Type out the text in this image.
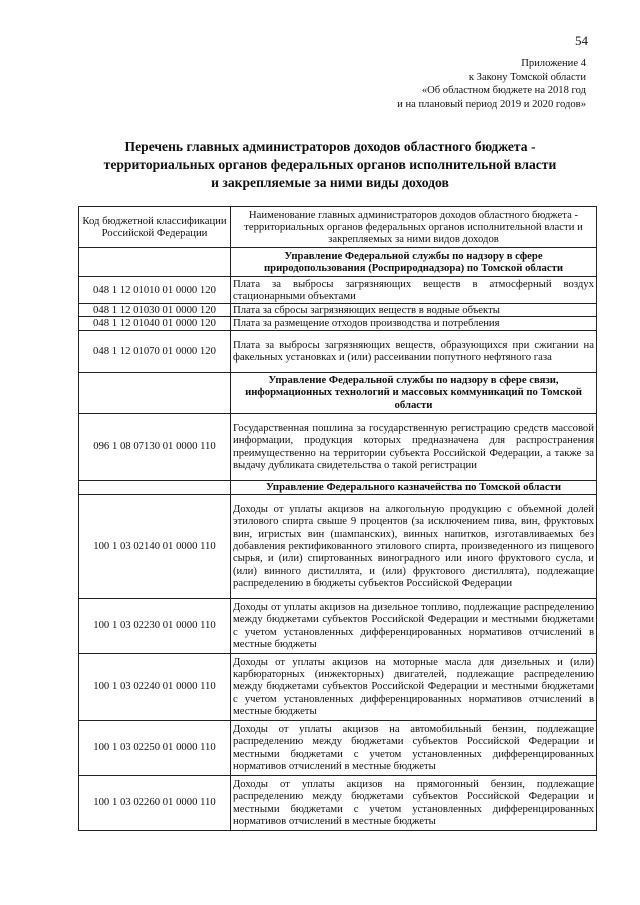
54
Приложение 4
к Закону Томской области
«Об областном бюджете на 2018 год
и на плановый период 2019 и 2020 годов»
Перечень главных администраторов доходов областного бюджета -
территориальных органов федеральных органов исполнительной власти
и закрепляемые за ними виды доходов
Код бюджетной классификации Российской Федерации	Наименование главных администраторов доходов областного бюджета - территориальных органов федеральных органов исполнительной власти и закрепляемых за ними видов доходов
	Управление Федеральной службы по надзору в сфере природопользования (Росприроднадзора) по Томской области
048 1 12 01010 01 0000 120	Плата за выбросы загрязняющих веществ в атмосферный воздух стационарными объектами
048 1 12 01030 01 0000 120	Плата за сбросы загрязняющих веществ в водные объекты
048 1 12 01040 01 0000 120	Плата за размещение отходов производства и потребления
048 1 12 01070 01 0000 120	Плата за выбросы загрязняющих веществ, образующихся при сжигании на факельных установках и (или) рассеивании попутного нефтяного газа
	Управление Федеральной службы по надзору в сфере связи, информационных технологий и массовых коммуникаций по Томской области
096 1 08 07130 01 0000 110	Государственная пошлина за государственную регистрацию средств массовой информации, продукция которых предназначена для распространения преимущественно на территории субъекта Российской Федерации, а также за выдачу дубликата свидетельства о такой регистрации
	Управление Федерального казначейства по Томской области
100 1 03 02140 01 0000 110	Доходы от уплаты акцизов на алкогольную продукцию с объемной долей этилового спирта свыше 9 процентов (за исключением пива, вин, фруктовых вин, игристых вин (шампанских), винных напитков, изготавливаемых без добавления ректификованного этилового спирта, произведенного из пищевого сырья, и (или) спиртованных виноградного или иного фруктового сусла, и (или) винного дистиллята, и (или) фруктового дистиллята), подлежащие распределению в бюджеты субъектов Российской Федерации
100 1 03 02230 01 0000 110	Доходы от уплаты акцизов на дизельное топливо, подлежащие распределению между бюджетами субъектов Российской Федерации и местными бюджетами с учетом установленных дифференцированных нормативов отчислений в местные бюджеты
100 1 03 02240 01 0000 110	Доходы от уплаты акцизов на моторные масла для дизельных и (или) карбюраторных (инжекторных) двигателей, подлежащие распределению между бюджетами субъектов Российской Федерации и местными бюджетами с учетом установленных дифференцированных нормативов отчислений в местные бюджеты
100 1 03 02250 01 0000 110	Доходы от уплаты акцизов на автомобильный бензин, подлежащие распределению между бюджетами субъектов Российской Федерации и местными бюджетами с учетом установленных дифференцированных нормативов отчислений в местные бюджеты
100 1 03 02260 01 0000 110	Доходы от уплаты акцизов на прямогонный бензин, подлежащие распределению между бюджетами субъектов Российской Федерации и местными бюджетами с учетом установленных дифференцированных нормативов отчислений в местные бюджеты
